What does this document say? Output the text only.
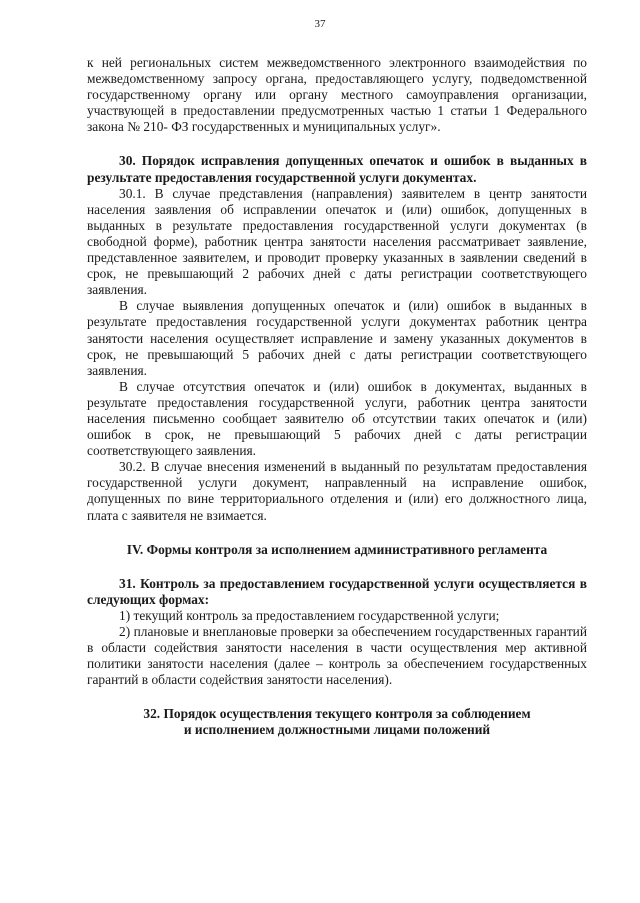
37

к ней региональных систем межведомственного электронного взаимодействия по межведомственному запросу органа, предоставляющего услугу, подведомственной государственному органу или органу местного самоуправления организации, участвующей в предоставлении предусмотренных частью 1 статьи 1 Федерального закона № 210- ФЗ государственных и муниципальных услуг».

30. Порядок исправления допущенных опечаток и ошибок в выданных в результате предоставления государственной услуги документах.

30.1. В случае представления (направления) заявителем в центр занятости населения заявления об исправлении опечаток и (или) ошибок, допущенных в выданных в результате предоставления государственной услуги документах (в свободной форме), работник центра занятости населения рассматривает заявление, представленное заявителем, и проводит проверку указанных в заявлении сведений в срок, не превышающий 2 рабочих дней с даты регистрации соответствующего заявления.

В случае выявления допущенных опечаток и (или) ошибок в выданных в результате предоставления государственной услуги документах работник центра занятости населения осуществляет исправление и замену указанных документов в срок, не превышающий 5 рабочих дней с даты регистрации соответствующего заявления.

В случае отсутствия опечаток и (или) ошибок в документах, выданных в результате предоставления государственной услуги, работник центра занятости населения письменно сообщает заявителю об отсутствии таких опечаток и (или) ошибок в срок, не превышающий 5 рабочих дней с даты регистрации соответствующего заявления.

30.2. В случае внесения изменений в выданный по результатам предоставления государственной услуги документ, направленный на исправление ошибок, допущенных по вине территориального отделения и (или) его должностного лица, плата с заявителя не взимается.

IV. Формы контроля за исполнением административного регламента

31. Контроль за предоставлением государственной услуги осуществляется в следующих формах:

1) текущий контроль за предоставлением государственной услуги;

2) плановые и внеплановые проверки за обеспечением государственных гарантий в области содействия занятости населения в части осуществления мер активной политики занятости населения (далее – контроль за обеспечением государственных гарантий в области содействия занятости населения).

32. Порядок осуществления текущего контроля за соблюдением

и исполнением должностными лицами положений
